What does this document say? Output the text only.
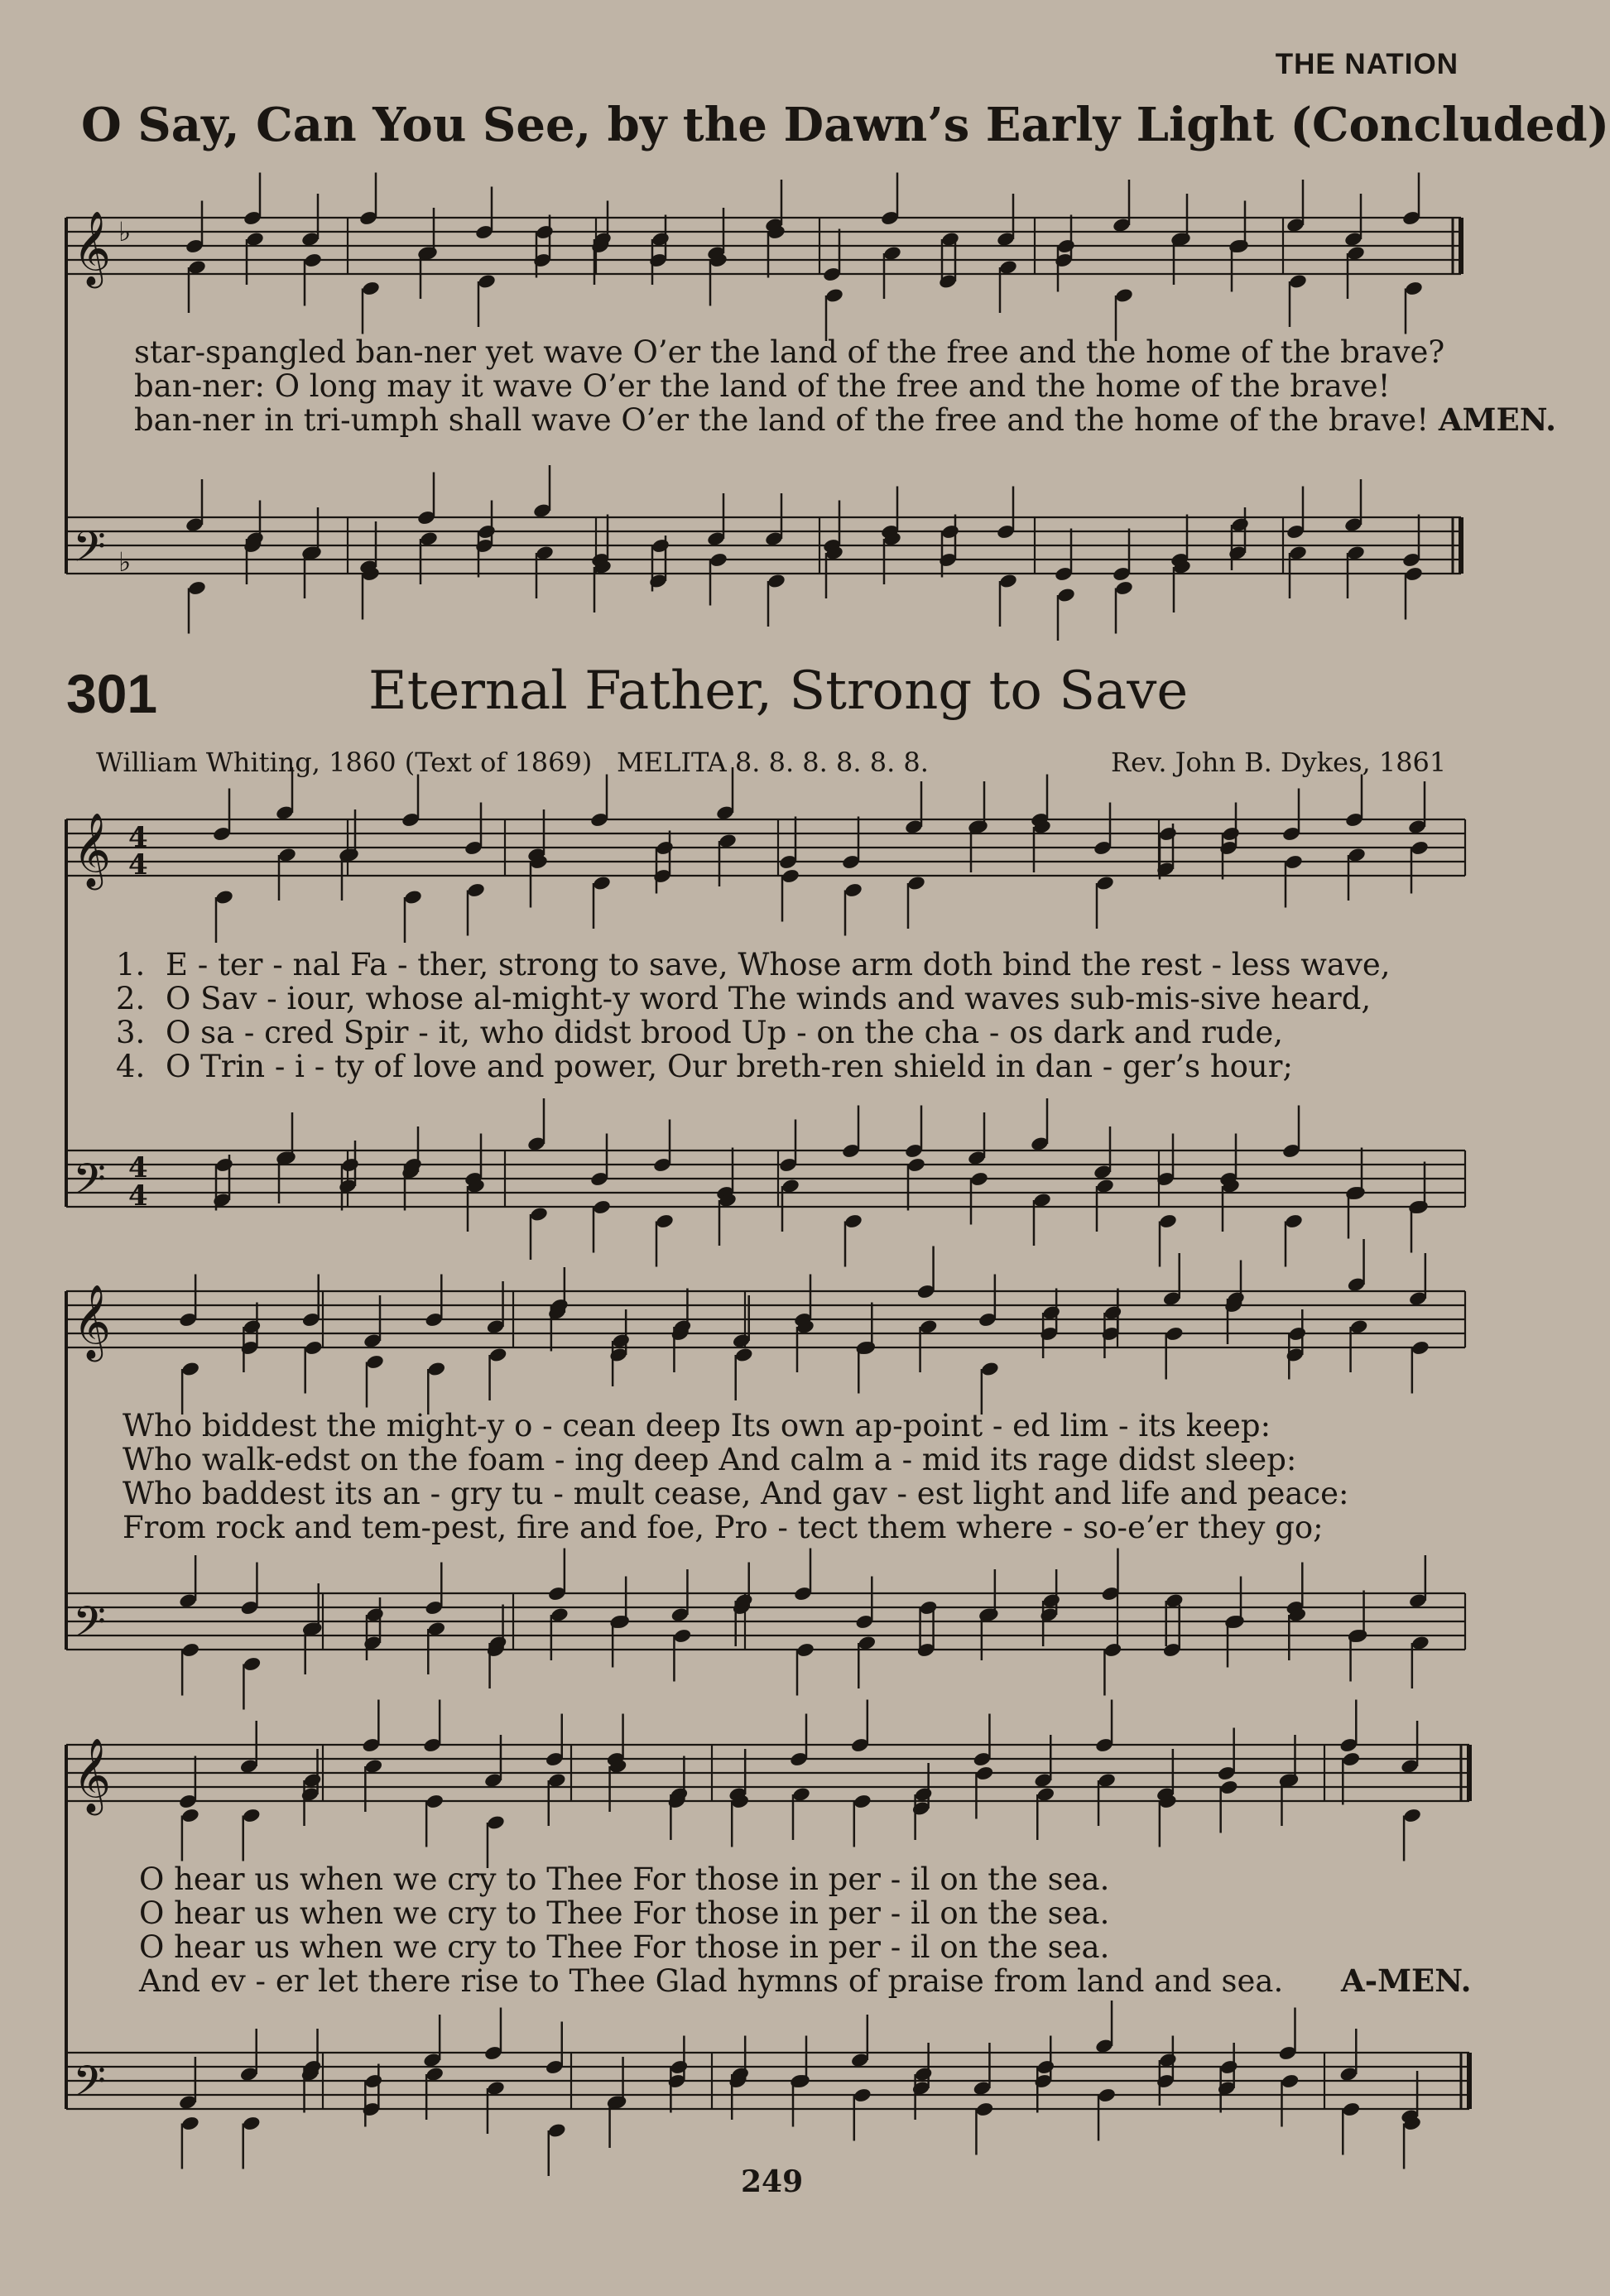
𝄞 ♭
𝄢 ♭
𝄞 4
4
𝄢 4
4
𝄞
𝄢
𝄞
𝄢
THE NATION
O Say, Can You See, by the Dawn’s Early Light (Concluded)
star-spangled ban-ner yet wave O’er the land of the free and the home of the brave?
ban-ner: O long may it wave O’er the land of the free and the home of the brave!
ban-ner in tri-umph shall wave O’er the land of the free and the home of the brave! AMEN.
301	Eternal Father, Strong to Save
William Whiting, 1860 (Text of 1869) MELITA 8. 8. 8. 8. 8. 8.	Rev. John B. Dykes, 1861
1. E - ter - nal Fa - ther, strong to save, Whose arm doth bind the rest - less wave,
2. O Sav - iour, whose al-might-y word The winds and waves sub-mis-sive heard,
3. O sa - cred Spir - it, who didst brood Up - on the cha - os dark and rude,
4. O Trin - i - ty of love and power, Our breth-ren shield in dan - ger’s hour;
Who biddest the might-y o - cean deep Its own ap-point - ed lim - its keep:
Who walk-edst on the foam - ing deep And calm a - mid its rage didst sleep:
Who baddest its an - gry tu - mult cease, And gav - est light and life and peace:
From rock and tem-pest, fire and foe, Pro - tect them where - so-e’er they go;
O hear us when we cry to Thee For those in per - il on the sea.
O hear us when we cry to Thee For those in per - il on the sea.
O hear us when we cry to Thee For those in per - il on the sea.
And ev - er let there rise to Thee Glad hymns of praise from land and sea. A-MEN.
249
